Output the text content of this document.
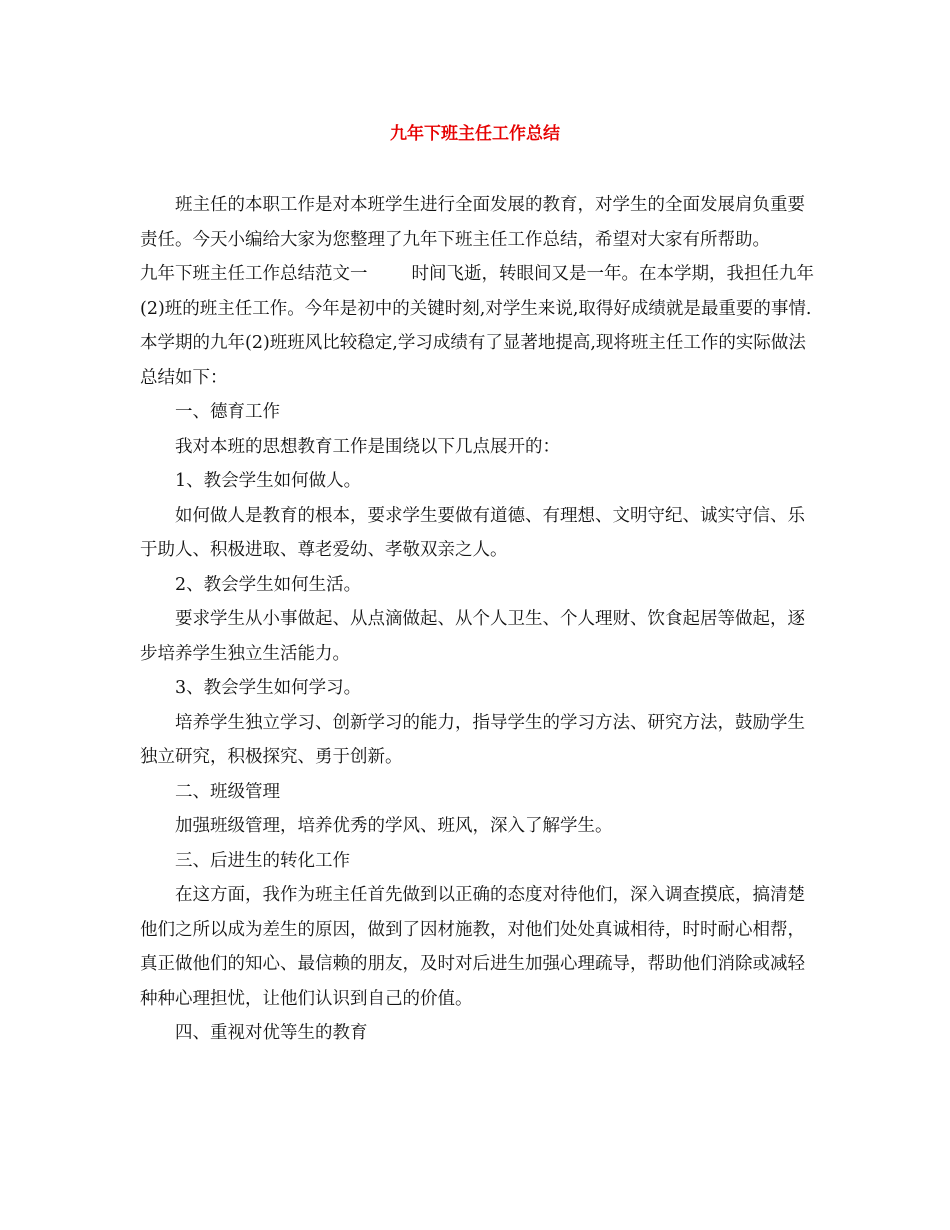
九年下班主任工作总结

班主任的本职工作是对本班学生进行全面发展的教育，对学生的全面发展肩负重要责任。今天小编给大家为您整理了九年下班主任工作总结，希望对大家有所帮助。

九年下班主任工作总结范文一	时间飞逝，转眼间又是一年。在本学期，我担任九年(2)班的班主任工作。今年是初中的关键时刻,对学生来说,取得好成绩就是最重要的事情.本学期的九年(2)班班风比较稳定,学习成绩有了显著地提高,现将班主任工作的实际做法总结如下：

一、德育工作

我对本班的思想教育工作是围绕以下几点展开的：

1、教会学生如何做人。

如何做人是教育的根本，要求学生要做有道德、有理想、文明守纪、诚实守信、乐于助人、积极进取、尊老爱幼、孝敬双亲之人。

2、教会学生如何生活。

要求学生从小事做起、从点滴做起、从个人卫生、个人理财、饮食起居等做起，逐步培养学生独立生活能力。

3、教会学生如何学习。

培养学生独立学习、创新学习的能力，指导学生的学习方法、研究方法，鼓励学生独立研究，积极探究、勇于创新。

二、班级管理

加强班级管理，培养优秀的学风、班风，深入了解学生。

三、后进生的转化工作

在这方面，我作为班主任首先做到以正确的态度对待他们，深入调查摸底，搞清楚他们之所以成为差生的原因，做到了因材施教，对他们处处真诚相待，时时耐心相帮，真正做他们的知心、最信赖的朋友，及时对后进生加强心理疏导，帮助他们消除或减轻种种心理担忧，让他们认识到自己的价值。

四、重视对优等生的教育
